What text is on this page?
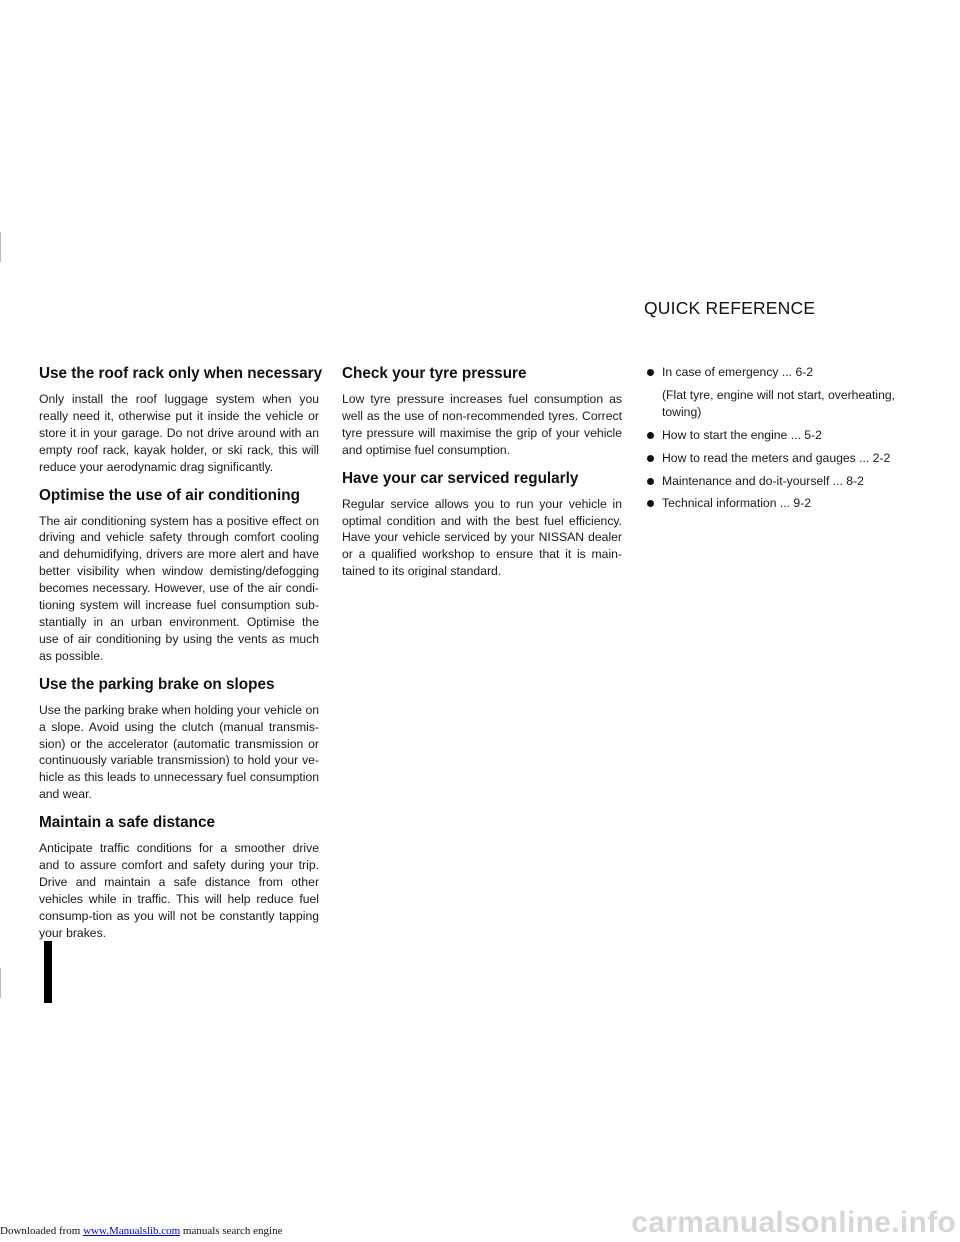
QUICK REFERENCE
Use the roof rack only when necessary

Only install the roof luggage system when you really need it, otherwise put it inside the vehicle or store it in your garage. Do not drive around with an empty roof rack, kayak holder, or ski rack, this will reduce your aerodynamic drag significantly.

Optimise the use of air conditioning

The air conditioning system has a positive effect on driving and vehicle safety through comfort cooling and dehumidifying, drivers are more alert and have better visibility when window demisting/defogging becomes necessary. However, use of the air condi-tioning system will increase fuel consumption sub-stantially in an urban environment. Optimise the use of air conditioning by using the vents as much as possible.

Use the parking brake on slopes

Use the parking brake when holding your vehicle on a slope. Avoid using the clutch (manual transmis-sion) or the accelerator (automatic transmission or continuously variable transmission) to hold your ve-hicle as this leads to unnecessary fuel consumption and wear.

Maintain a safe distance

Anticipate traffic conditions for a smoother drive and to assure comfort and safety during your trip. Drive and maintain a safe distance from other vehicles while in traffic. This will help reduce fuel consump-tion as you will not be constantly tapping your brakes.

Check your tyre pressure

Low tyre pressure increases fuel consumption as well as the use of non-recommended tyres. Correct tyre pressure will maximise the grip of your vehicle and optimise fuel consumption.

Have your car serviced regularly

Regular service allows you to run your vehicle in optimal condition and with the best fuel efficiency. Have your vehicle serviced by your NISSAN dealer or a qualified workshop to ensure that it is main-tained to its original standard.

In case of emergency ... 6-2

(Flat tyre, engine will not start, overheating, towing)

How to start the engine ... 5-2
How to read the meters and gauges ... 2-2
Maintenance and do-it-yourself ... 8-2
Technical information ... 9-2
carmanualsonline.info
Downloaded from www.Manualslib.com manuals search engine
